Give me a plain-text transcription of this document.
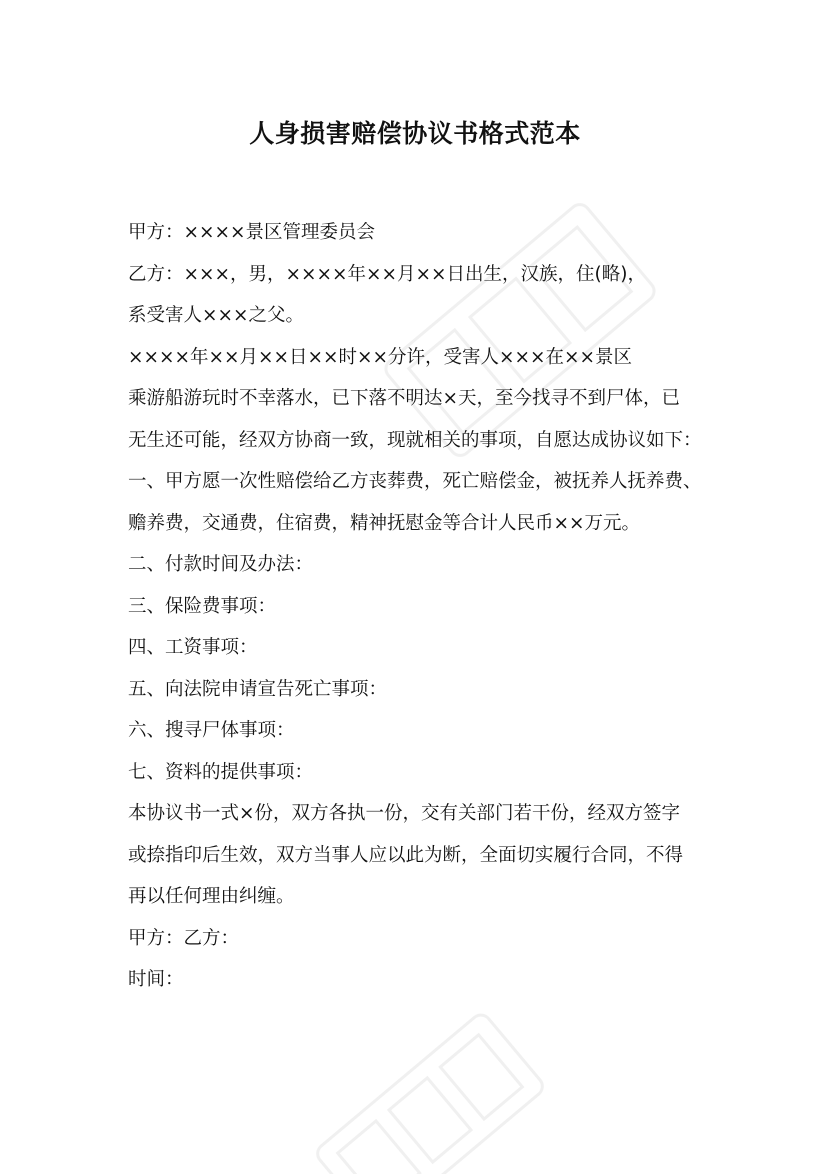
人身损害赔偿协议书格式范本
甲方：××××景区管理委员会
乙方：×××，男，××××年××月××日出生，汉族，住(略)，
系受害人×××之父。
××××年××月××日××时××分许，受害人×××在××景区
乘游船游玩时不幸落水，已下落不明达×天，至今找寻不到尸体，已
无生还可能，经双方协商一致，现就相关的事项，自愿达成协议如下：
一、甲方愿一次性赔偿给乙方丧葬费，死亡赔偿金，被抚养人抚养费、
赡养费，交通费，住宿费，精神抚慰金等合计人民币××万元。
二、付款时间及办法：
三、保险费事项：
四、工资事项：
五、向法院申请宣告死亡事项：
六、搜寻尸体事项：
七、资料的提供事项：
本协议书一式×份，双方各执一份，交有关部门若干份，经双方签字
或捺指印后生效，双方当事人应以此为断，全面切实履行合同，不得
再以任何理由纠缠。
甲方：乙方：
时间：
